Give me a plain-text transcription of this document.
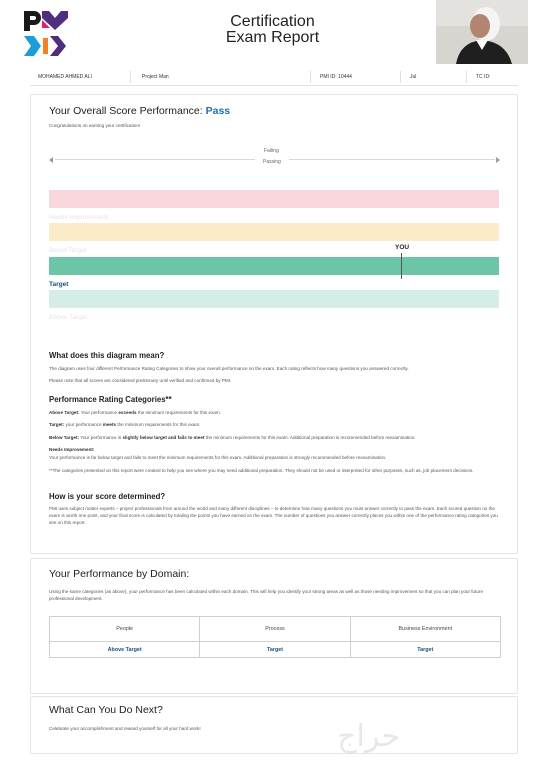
Certification
Exam Report
MOHAMED AHMED ALI	Project Man	PMI ID: 10444	Jul	TC ID:
Your Overall Score Performance: Pass
Congratulations on earning your certification!
Failing
Passing
Needs Improvement
Below Target
Target
Above Target
YOU
What does this diagram mean?
The diagram uses four different Performance Rating Categories to show your overall performance on the exam. Each rating reflects how many questions you answered correctly.
Please note that all scores are considered preliminary until verified and confirmed by PMI.
Performance Rating Categories**
Above Target: Your performance exceeds the minimum requirements for this exam.
Target: your performance meets the minimum requirements for this exam.
Below Target: Your performance is slightly below target and fails to meet the minimum requirements for this exam. Additional preparation is recommended before reexamination.
Needs Improvement:
Your performance is far below target and fails to meet the minimum requirements for this exam. Additional preparation is strongly recommended before reexamination.
**The categories presented on this report were created to help you see where you may need additional preparation. They should not be used or interpreted for other purposes, such as, job placement decisions.
How is your score determined?
PMI uses subject matter experts – project professionals from around the world and many different disciplines – to determine how many questions you must answer correctly to pass the exam. Each scored question on the exam is worth one point, and your final score is calculated by totaling the points you have earned on the exam. The number of questions you answer correctly places you within one of the performance rating categories you see on this report.
Your Performance by Domain:
Using the same categories (as above), your performance has been calculated within each domain. This will help you identify your strong areas as well as those needing improvement so that you can plan your future professional development.
People	Process	Business Environment
Above Target	Target	Target
What Can You Do Next?
Celebrate your accomplishment and reward yourself for all your hard work!	حراج
